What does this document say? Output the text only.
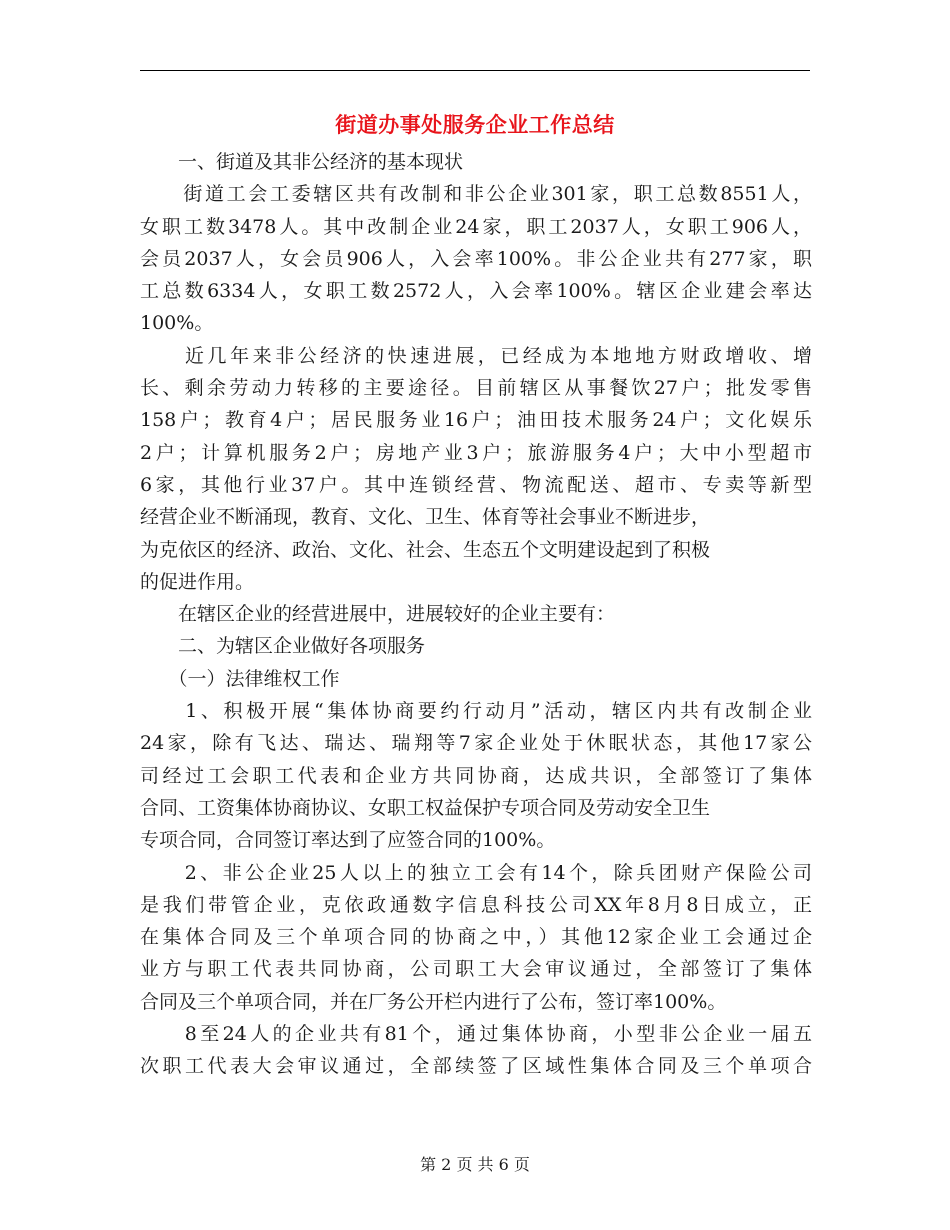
街道办事处服务企业工作总结
　　一、街道及其非公经济的基本现状
　　街道工会工委辖区共有改制和非公企业301家，职工总数8551人，
女职工数3478人。其中改制企业24家，职工2037人，女职工906人，
会员2037人，女会员906人，入会率100%。非公企业共有277家，职
工总数6334人，女职工数2572人，入会率100%。辖区企业建会率达
100%。
　　近几年来非公经济的快速进展，已经成为本地地方财政增收、增
长、剩余劳动力转移的主要途径。目前辖区从事餐饮27户；批发零售
158户；教育4户；居民服务业16户；油田技术服务24户；文化娱乐
2户；计算机服务2户；房地产业3户；旅游服务4户；大中小型超市
6家，其他行业37户。其中连锁经营、物流配送、超市、专卖等新型
经营企业不断涌现，教育、文化、卫生、体育等社会事业不断进步，
为克依区的经济、政治、文化、社会、生态五个文明建设起到了积极
的促进作用。
　　在辖区企业的经营进展中，进展较好的企业主要有：
　　二、为辖区企业做好各项服务
　　（一）法律维权工作
　　1、积极开展“集体协商要约行动月”活动，辖区内共有改制企业
24家，除有飞达、瑞达、瑞翔等7家企业处于休眠状态，其他17家公
司经过工会职工代表和企业方共同协商，达成共识，全部签订了集体
合同、工资集体协商协议、女职工权益保护专项合同及劳动安全卫生
专项合同，合同签订率达到了应签合同的100%。
　　2、非公企业25人以上的独立工会有14个，除兵团财产保险公司
是我们带管企业，克依政通数字信息科技公司XX年8月8日成立，正
在集体合同及三个单项合同的协商之中，）其他12家企业工会通过企
业方与职工代表共同协商，公司职工大会审议通过，全部签订了集体
合同及三个单项合同，并在厂务公开栏内进行了公布，签订率100%。
　　8至24人的企业共有81个，通过集体协商，小型非公企业一届五
次职工代表大会审议通过，全部续签了区域性集体合同及三个单项合
第 2 页 共 6 页
